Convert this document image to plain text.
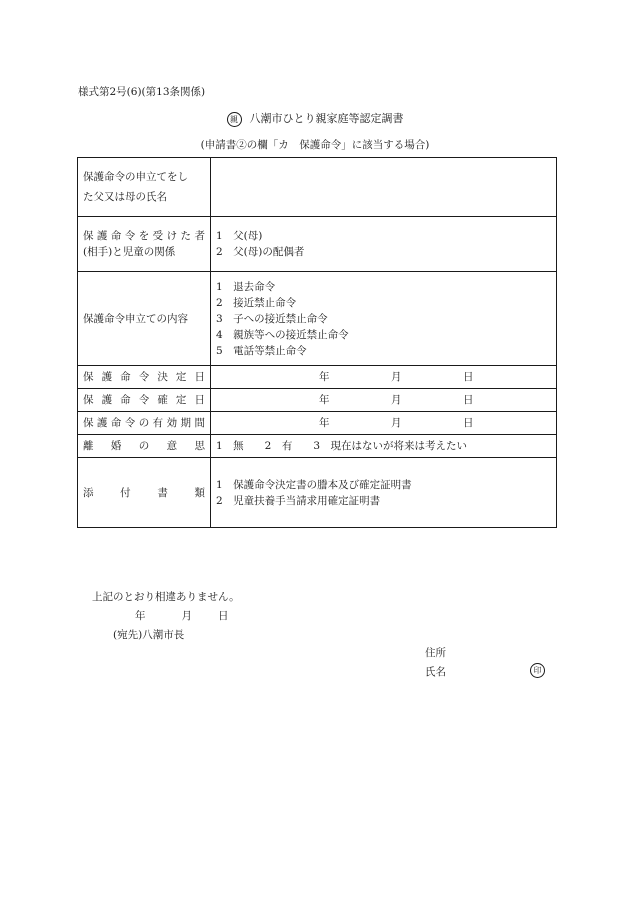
様式第2号(6)(第13条関係)
親 八潮市ひとり親家庭等認定調書
(申請書②の欄「カ　保護命令」に該当する場合)
保護命令の申立てをし
た父又は母の氏名	

保護命令を受けた者
(相手)と児童の関係	1　父(母)
2　父(母)の配偶者

保護命令申立ての内容	1　退去命令
2　接近禁止命令
3　子への接近禁止命令
4　親族等への接近禁止命令
5　電話等禁止命令

保護命令決定日	年 月 日

保護命令確定日	年 月 日

保護命令の有効期間	年 月 日

離婚の意思	1　無　　2　有　　3　現在はないが将来は考えたい
添付書類	1　保護命令決定書の謄本及び確定証明書
2　児童扶養手当請求用確定証明書
上記のとおり相違ありません。
年	月 日
(宛先)八潮市長
住所
氏名	印
